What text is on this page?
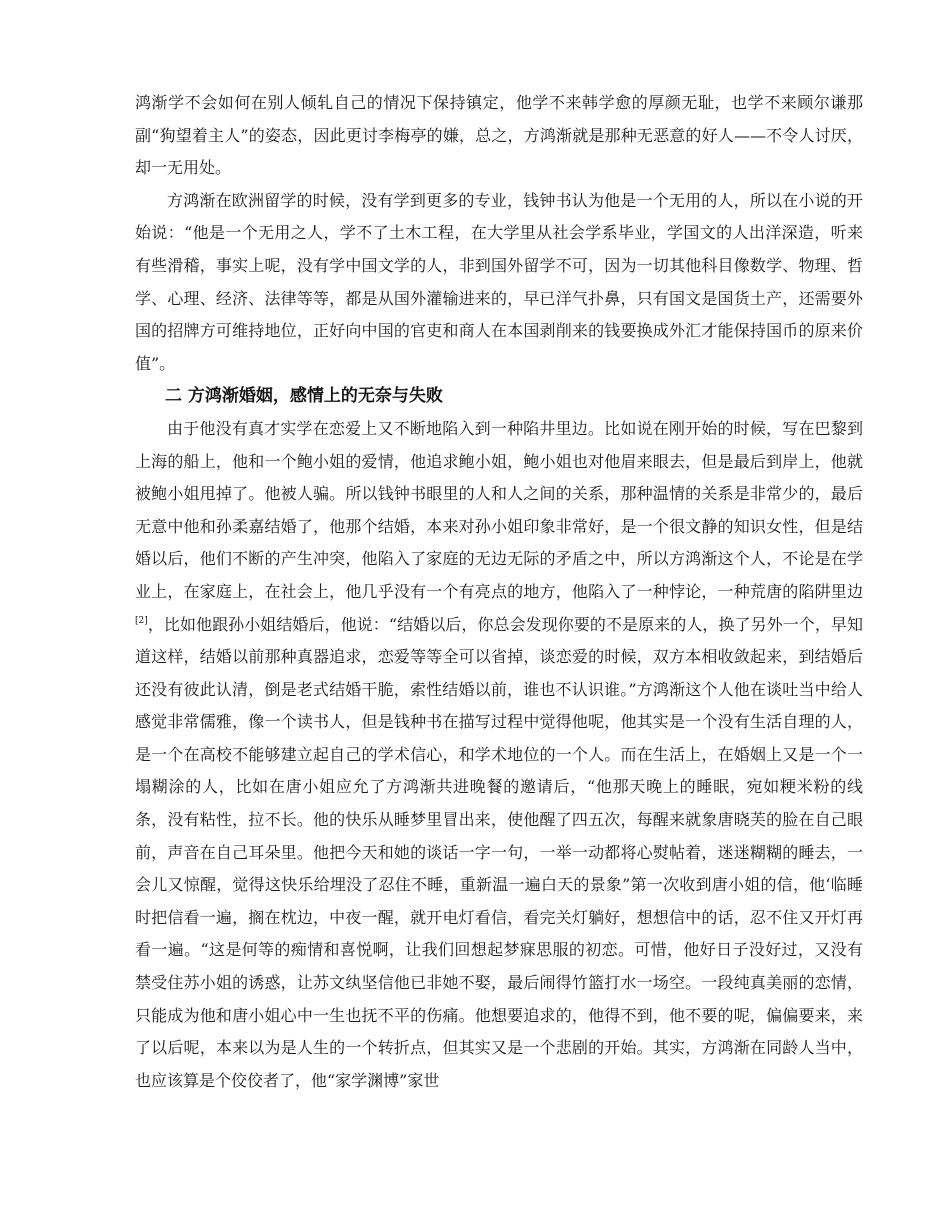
鸿渐学不会如何在别人倾轧自己的情况下保持镇定，他学不来韩学愈的厚颜无耻，也学不来顾尔谦那副“狗望着主人”的姿态，因此更讨李梅亭的嫌，总之，方鸿渐就是那种无恶意的好人——不令人讨厌，却一无用处。

方鸿渐在欧洲留学的时候，没有学到更多的专业，钱钟书认为他是一个无用的人，所以在小说的开始说：“他是一个无用之人，学不了土木工程，在大学里从社会学系毕业，学国文的人出洋深造，听来有些滑稽，事实上呢，没有学中国文学的人，非到国外留学不可，因为一切其他科目像数学、物理、哲学、心理、经济、法律等等，都是从国外灌输进来的，早已洋气扑鼻，只有国文是国货土产，还需要外国的招牌方可维持地位，正好向中国的官吏和商人在本国剥削来的钱要换成外汇才能保持国币的原来价值”。

二 方鸿渐婚姻，感情上的无奈与失败

由于他没有真才实学在恋爱上又不断地陷入到一种陷井里边。比如说在刚开始的时候，写在巴黎到上海的船上，他和一个鲍小姐的爱情，他追求鲍小姐，鲍小姐也对他眉来眼去，但是最后到岸上，他就被鲍小姐甩掉了。他被人骗。所以钱钟书眼里的人和人之间的关系，那种温情的关系是非常少的，最后无意中他和孙柔嘉结婚了，他那个结婚，本来对孙小姐印象非常好，是一个很文静的知识女性，但是结婚以后，他们不断的产生冲突，他陷入了家庭的无边无际的矛盾之中，所以方鸿渐这个人，不论是在学业上，在家庭上，在社会上，他几乎没有一个有亮点的地方，他陷入了一种悖论，一种荒唐的陷阱里边[2]，比如他跟孙小姐结婚后，他说：“结婚以后，你总会发现你要的不是原来的人，换了另外一个，早知道这样，结婚以前那种真器追求，恋爱等等全可以省掉，谈恋爱的时候，双方本相收敛起来，到结婚后还没有彼此认清，倒是老式结婚干脆，索性结婚以前，谁也不认识谁。”方鸿渐这个人他在谈吐当中给人感觉非常儒雅，像一个读书人，但是钱种书在描写过程中觉得他呢，他其实是一个没有生活自理的人，是一个在高校不能够建立起自己的学术信心，和学术地位的一个人。而在生活上，在婚姻上又是一个一塌糊涂的人，比如在唐小姐应允了方鸿渐共进晚餐的邀请后，“他那天晚上的睡眠，宛如粳米粉的线条，没有粘性，拉不长。他的快乐从睡梦里冒出来，使他醒了四五次，每醒来就象唐晓芙的脸在自己眼前，声音在自己耳朵里。他把今天和她的谈话一字一句，一举一动都将心熨帖着，迷迷糊糊的睡去，一会儿又惊醒，觉得这快乐给埋没了忍住不睡，重新温一遍白天的景象”第一次收到唐小姐的信，他‘临睡时把信看一遍，搁在枕边，中夜一醒，就开电灯看信，看完关灯躺好，想想信中的话，忍不住又开灯再看一遍。“这是何等的痴情和喜悦啊，让我们回想起梦寐思服的初恋。可惜，他好日子没好过，又没有禁受住苏小姐的诱惑，让苏文纨坚信他已非她不娶，最后闹得竹篮打水一场空。一段纯真美丽的恋情，只能成为他和唐小姐心中一生也抚不平的伤痛。他想要追求的，他得不到，他不要的呢，偏偏要来，来了以后呢，本来以为是人生的一个转折点，但其实又是一个悲剧的开始。其实，方鸿渐在同龄人当中，也应该算是个佼佼者了，他“家学渊博”家世
